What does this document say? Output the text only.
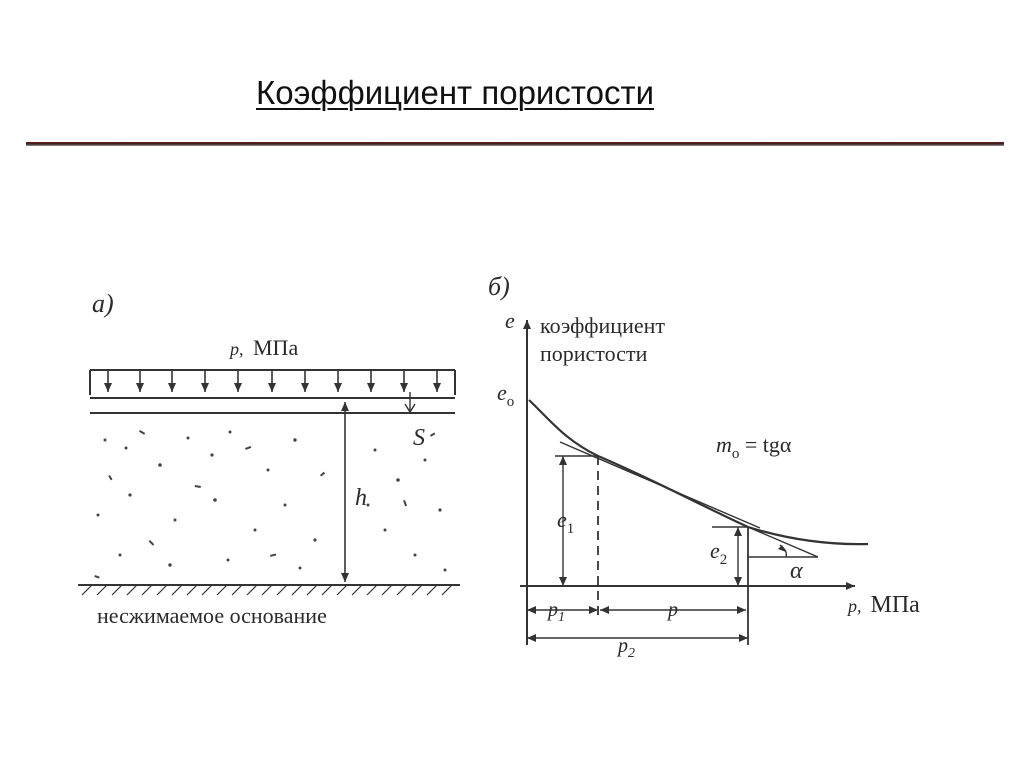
Коэффициент пористости
а)
p, МПа
S
h
несжимаемое основание
б)
e коэффициент
пористости
$e_o$
$m_o = tg\alpha$
$e_1$
$e_2$	α
p, МПа
$p_1$	p
$p_2$
